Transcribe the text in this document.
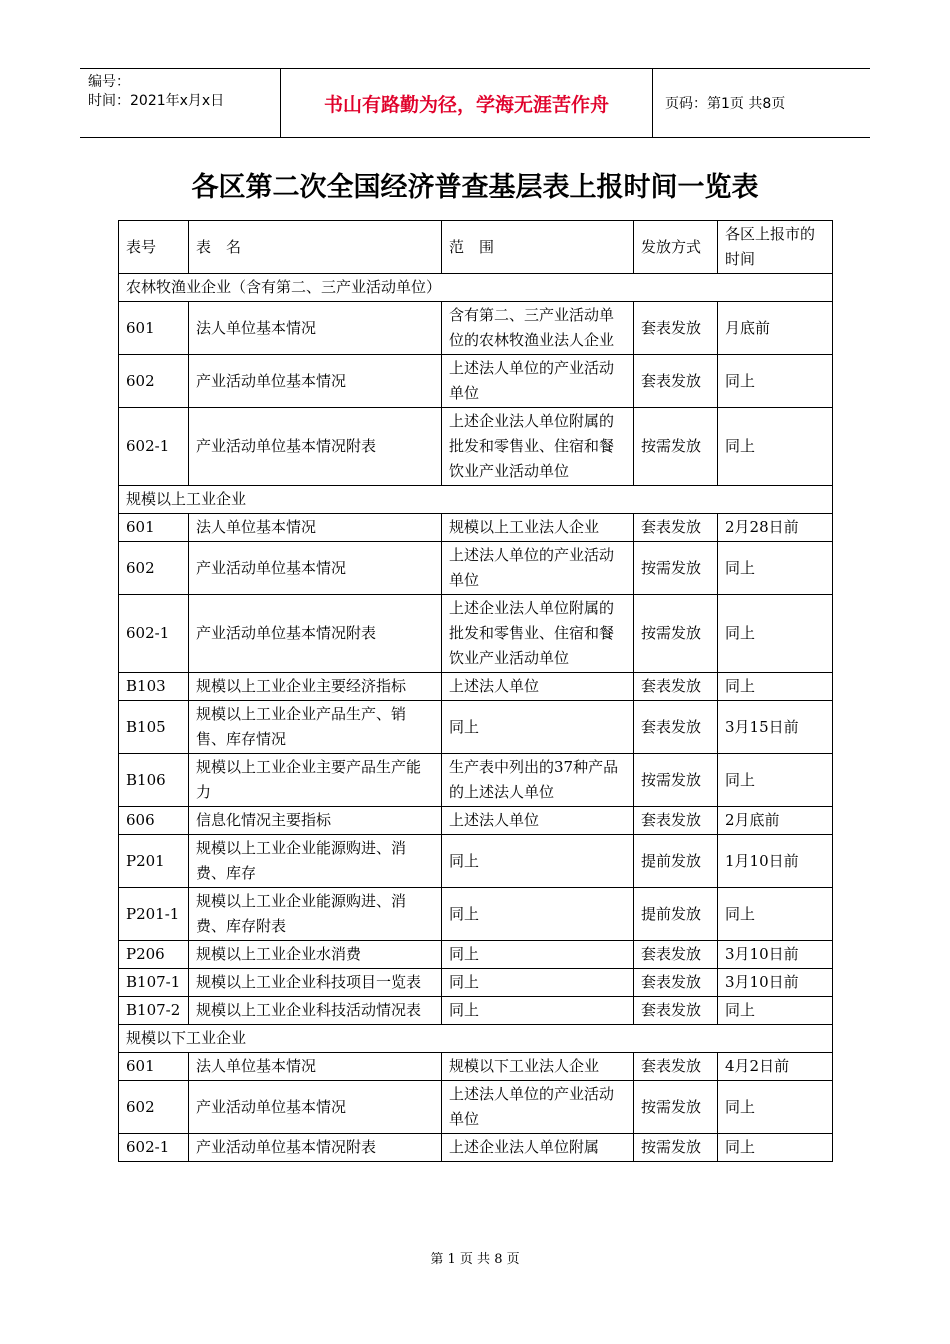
编号：
时间：2021年x月x日	书山有路勤为径，学海无涯苦作舟	页码：第1页 共8页
各区第二次全国经济普查基层表上报时间一览表
表号	表　名	范　围	发放方式	各区上报市的时间
农林牧渔业企业（含有第二、三产业活动单位）				
601	法人单位基本情况	含有第二、三产业活动单位的农林牧渔业法人企业	套表发放	月底前
602	产业活动单位基本情况	上述法人单位的产业活动单位	套表发放	同上
602-1	产业活动单位基本情况附表	上述企业法人单位附属的批发和零售业、住宿和餐饮业产业活动单位	按需发放	同上
规模以上工业企业				
601	法人单位基本情况	规模以上工业法人企业	套表发放	2月28日前
602	产业活动单位基本情况	上述法人单位的产业活动单位	按需发放	同上
602-1	产业活动单位基本情况附表	上述企业法人单位附属的批发和零售业、住宿和餐饮业产业活动单位	按需发放	同上
B103	规模以上工业企业主要经济指标	上述法人单位	套表发放	同上
B105	规模以上工业企业产品生产、销售、库存情况	同上	套表发放	3月15日前
B106	规模以上工业企业主要产品生产能力	生产表中列出的37种产品的上述法人单位	按需发放	同上
606	信息化情况主要指标	上述法人单位	套表发放	2月底前
P201	规模以上工业企业能源购进、消费、库存	同上	提前发放	1月10日前
P201-1	规模以上工业企业能源购进、消费、库存附表	同上	提前发放	同上
P206	规模以上工业企业水消费	同上	套表发放	3月10日前
B107-1	规模以上工业企业科技项目一览表	同上	套表发放	3月10日前
B107-2	规模以上工业企业科技活动情况表	同上	套表发放	同上
规模以下工业企业				
601	法人单位基本情况	规模以下工业法人企业	套表发放	4月2日前
602	产业活动单位基本情况	上述法人单位的产业活动单位	按需发放	同上
602-1	产业活动单位基本情况附表	上述企业法人单位附属	按需发放	同上
第 1 页 共 8 页
